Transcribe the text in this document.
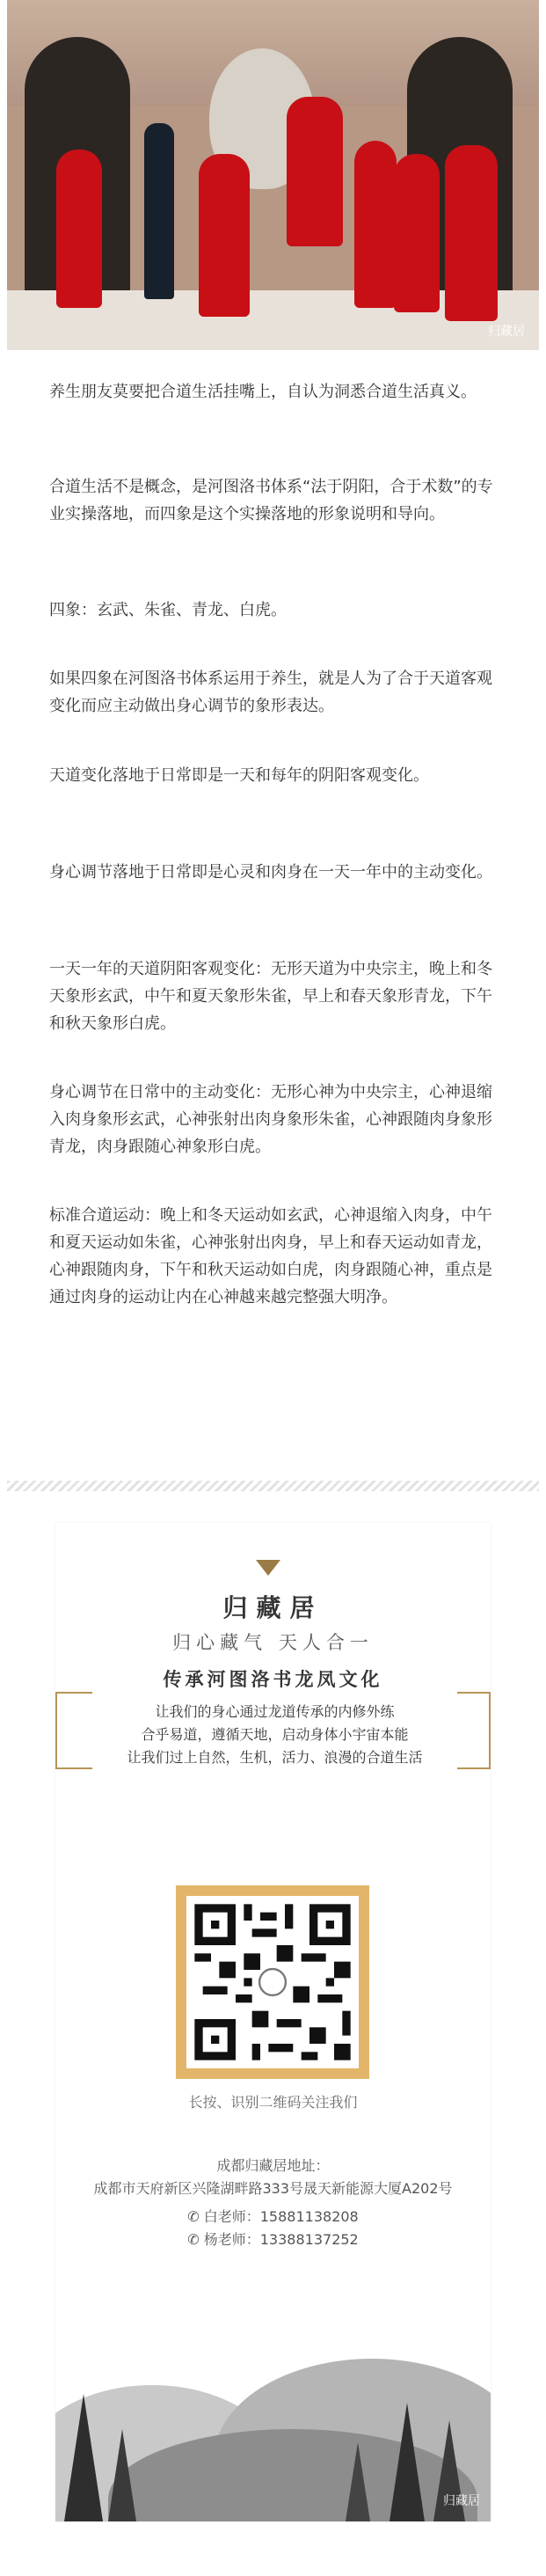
归藏居

养生朋友莫要把合道生活挂嘴上，自认为洞悉合道生活真义。

合道生活不是概念，是河图洛书体系“法于阴阳，合于术数”的专业实操落地，而四象是这个实操落地的形象说明和导向。

四象：玄武、朱雀、青龙、白虎。

如果四象在河图洛书体系运用于养生，就是人为了合于天道客观变化而应主动做出身心调节的象形表达。

天道变化落地于日常即是一天和每年的阴阳客观变化。

身心调节落地于日常即是心灵和肉身在一天一年中的主动变化。

一天一年的天道阴阳客观变化：无形天道为中央宗主，晚上和冬天象形玄武，中午和夏天象形朱雀，早上和春天象形青龙，下午和秋天象形白虎。

身心调节在日常中的主动变化：无形心神为中央宗主，心神退缩入肉身象形玄武，心神张射出肉身象形朱雀，心神跟随肉身象形青龙，肉身跟随心神象形白虎。

标准合道运动：晚上和冬天运动如玄武，心神退缩入肉身，中午和夏天运动如朱雀，心神张射出肉身，早上和春天运动如青龙，心神跟随肉身，下午和秋天运动如白虎，肉身跟随心神，重点是通过肉身的运动让内在心神越来越完整强大明净。

归藏居
归心藏气 天人合一
传承河图洛书龙凤文化
让我们的身心通过龙道传承的内修外练
合乎易道，遵循天地，启动身体小宇宙本能
让我们过上自然，生机，活力、浪漫的合道生活
长按、识别二维码关注我们
成都归藏居地址：
成都市天府新区兴隆湖畔路333号晟天新能源大厦A202号
✆ 白老师：15881138208
✆ 杨老师：13388137252
归藏居
